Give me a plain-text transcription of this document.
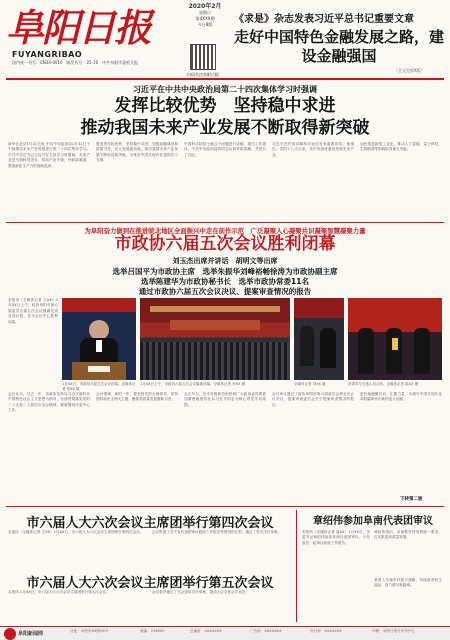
阜阳日报
FUYANGRIBAO
国内统一刊号：CN34-0010　邮发代号：25-10　中共阜阳市委机关报
2020年2月
星期日
第XXXX期
今日8版
扫码关注阜阳日报
《求是》杂志发表习近平总书记重要文章
走好中国特色金融发展之路，建设金融强国
（全文见第X版）
习近平在中共中央政治局第二十四次集体学习时强调
发挥比较优势　坚持稳中求进
推动我国未来产业发展不断取得新突破
新华社北京1月31日电 中共中央政治局1月31日下午就推动未来产业发展进行第二十四次集体学习。中共中央总书记习近平在主持学习时强调，未来产业是引领科技进步、带动产业升级、开辟新赛道、塑造新质生产力的战略选择。
要发挥比较优势，坚持稳中求进，加强前瞻谋划和政策引导，壮大发展新动能，推动我国未来产业发展不断取得新突破，为推进中国式现代化提供有力支撑。
中国科学院院士就这个问题进行讲解，提出工作建议。中共中央政治局的同志认真听取讲解，并进行了讨论。
习近平在听取讲解和讨论后发表重要讲话。他指出，党的十八大以来，党中央高度重视发展未来产业。
加快推进新型工业化，推动人工智能、量子科技、生物制造等领域取得重大突破。
为阜阳奋力做到在推进皖北地区全面振兴中走在前作示范　广泛凝聚人心凝聚共识凝聚智慧凝聚力量
市政协六届五次会议胜利闭幕
刘玉杰出席并讲话　胡明文等出席
选举吕国平为市政协主席　选举朱振华刘峰裕畅徐涛为市政协副主席
选举陈建华为市政协秘书长　选举市政协常委11名
通过市政协六届五次会议决议、提案审查情况的报告
本报讯（全媒体记者 王XX）1月XX日上午，政协阜阳市第六届委员会第五次会议圆满完成各项议程，在市会议中心胜利闭幕。
1月XX日，市政协六届五次会议闭幕。全媒体记者 张XX 摄
1月XX日上午，市政协六届五次会议隆重闭幕。全媒体记者 李XX 摄	全媒体记者 刘XX 摄	市领导与当选人员合影。全媒体记者 陈XX 摄
会议认为，过去一年，市政协坚持以习近平新时代中国特色社会主义思想为指导，全面贯彻落实党的二十大和二十届历次全会精神，紧紧围绕市委中心工作。
会议强调，新的一年，要坚持党的全面领导，坚持团结和民主两大主题，聚焦高质量发展履职尽责。
会议号召，全市各级政协组织和广大政协委员要更加紧密地团结在以习近平同志为核心的党中央周围。
会议审议通过了政协阜阳市第六届委员会第五次会议决议、提案审查委员会关于提案审查情况的报告。
更好地凝聚共识、汇聚力量，为谱写中国式现代化阜阳篇章作出新的更大贡献。
下转第二版
市六届人大六次会议主席团举行第四次会议
本报讯（全媒体记者 王XX）1月XX日，市六届人大六次会议主席团举行第四次会议。 会议听取了关于各代表团审议政府工作报告等情况的汇报，通过了有关决议草案。
市六届人大六次会议主席团举行第五次会议
本报讯 1月XX日，市六届人大六次会议主席团举行第五次会议。	会议表决通过了大会选举办法草案，提请大会全体会议表决。
章绍伟参加阜南代表团审议
本报讯（全媒体记者 周XX）1月XX日，市委书记章绍伟参加阜南代表团审议，与代表们一起审议政府工作报告。
章绍伟指出，阜南要坚持发展第一要务，扎实推进高质量发展。
要深入实施乡村振兴战略，持续改善民生福祉，奋力谱写新篇章。
阜阳新闻网	社址：阜阳市XX路XX号	邮编：236000	总编室：XXXXXXX	广告部：XXXXXXX	发行部：XXXXXXX	印刷：阜阳日报社印务中心
